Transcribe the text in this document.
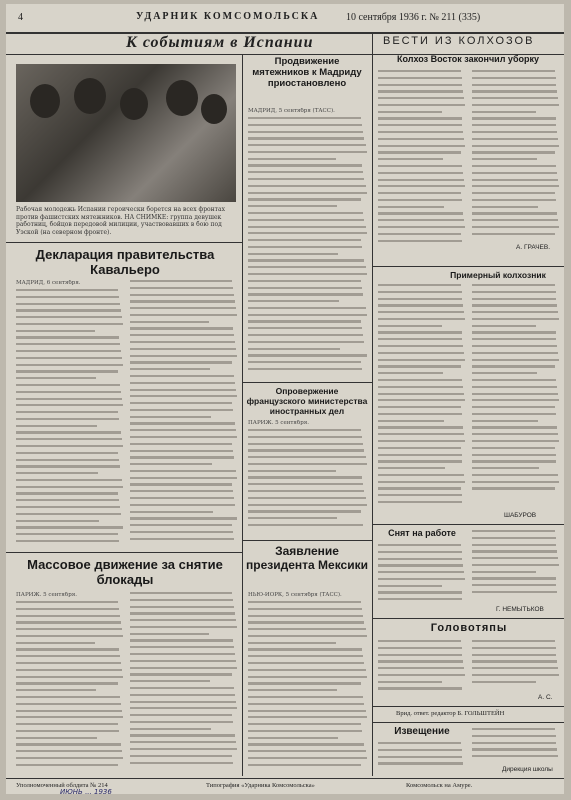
4	УДАРНИК КОМСОМОЛЬСКА	10 сентября 1936 г. № 211 (335)
К событиям в Испании	ВЕСТИ ИЗ КОЛХОЗОВ
Рабочая молодежь Испании героически борется на всех фронтах против фашистских мятежников. НА СНИМКЕ: группа девушек работниц, бойцов передовой милиции, участвовавших в бою под Уэской (на северном фронте).
Декларация правительства Кавальеро
МАДРИД, 6 сентября.
Массовое движение за снятие блокады
ПАРИЖ. 5 сентября.
Продвижение мятежников к Мадриду приостановлено
МАДРИД, 5 сентября (ТАСС).
Опровержение французского министерства иностранных дел
ПАРИЖ. 5 сентября.
Заявление президента Мексики
НЬЮ-ЙОРК, 5 сентября (ТАСС).
Колхоз Восток закончил уборку
А. ГРАЧЕВ.
Примерный колхозник
ШАБУРОВ
Снят на работе
Г. НЕМЫТЬКОВ
Головотяпы
А. С.
Врид. ответ. редактор Б. ГОЛЬШТЕЙН
Извещение
Дирекция школы
Уполномоченный облдита № 214	Типография «Ударника Комсомольска»	Комсомольск на Амуре.
ИЮНЬ ... 1936
